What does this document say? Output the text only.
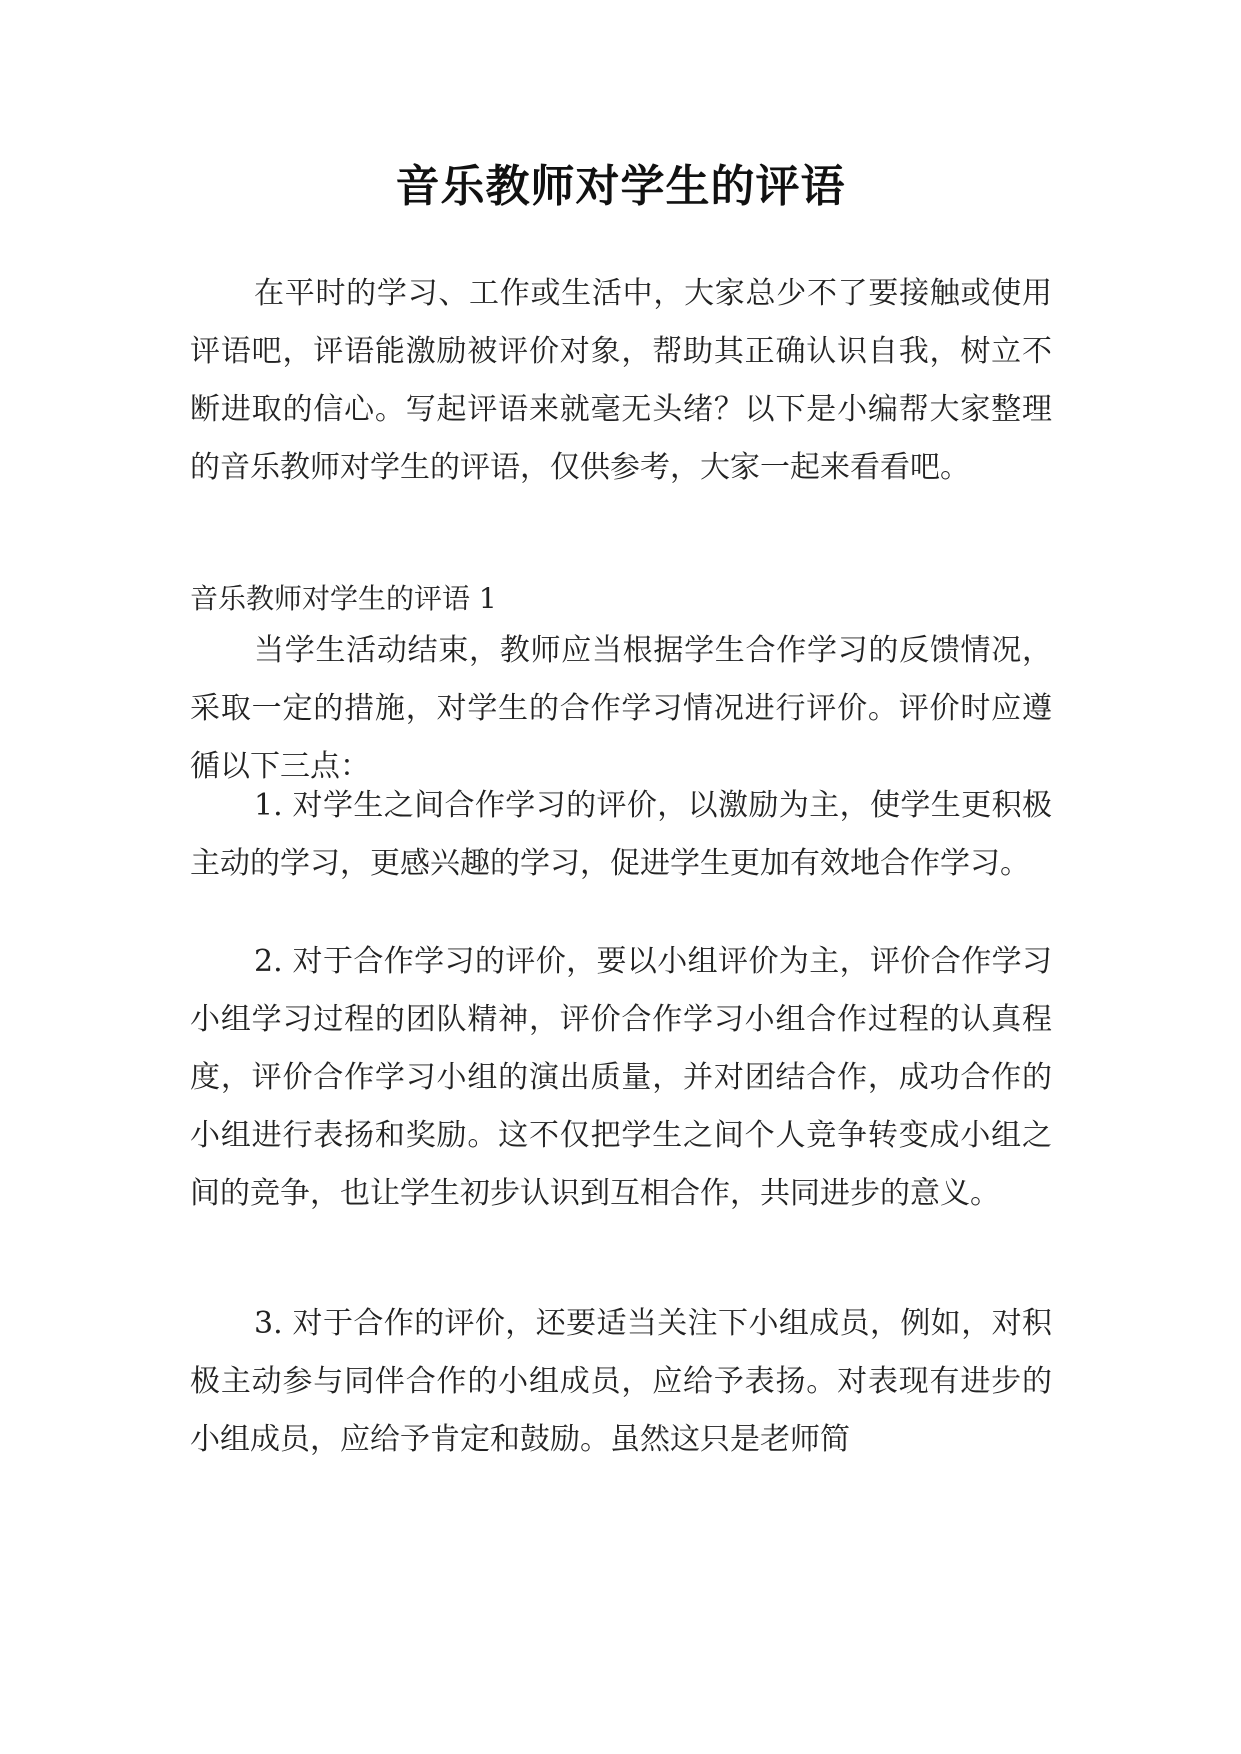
音乐教师对学生的评语

在平时的学习、工作或生活中，大家总少不了要接触或使用评语吧，评语能激励被评价对象，帮助其正确认识自我，树立不断进取的信心。写起评语来就毫无头绪？以下是小编帮大家整理的音乐教师对学生的评语，仅供参考，大家一起来看看吧。

音乐教师对学生的评语 1

当学生活动结束，教师应当根据学生合作学习的反馈情况，采取一定的措施，对学生的合作学习情况进行评价。评价时应遵循以下三点：

1. 对学生之间合作学习的评价，以激励为主，使学生更积极主动的学习，更感兴趣的学习，促进学生更加有效地合作学习。

2. 对于合作学习的评价，要以小组评价为主，评价合作学习小组学习过程的团队精神，评价合作学习小组合作过程的认真程度，评价合作学习小组的演出质量，并对团结合作，成功合作的小组进行表扬和奖励。这不仅把学生之间个人竞争转变成小组之间的竞争，也让学生初步认识到互相合作，共同进步的意义。

3. 对于合作的评价，还要适当关注下小组成员，例如，对积极主动参与同伴合作的小组成员，应给予表扬。对表现有进步的小组成员，应给予肯定和鼓励。虽然这只是老师简
